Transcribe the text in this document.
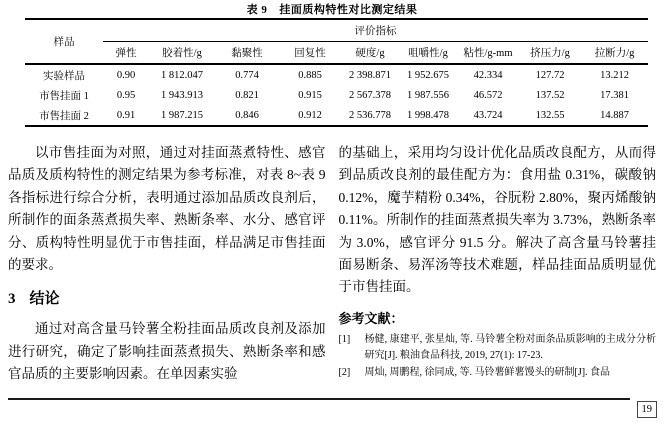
表 9 挂面质构特性对比测定结果
样品	评价指标								
	弹性	胶着性/g	黏聚性	回复性	硬度/g	咀嚼性/g	粘性/g-mm	挤压力/g	拉断力/g
实验样品	0.90	1 812.047	0.774	0.885	2 398.871	1 952.675	42.334	127.72	13.212
市售挂面 1	0.95	1 943.913	0.821	0.915	2 567.378	1 987.556	46.572	137.52	17.381
市售挂面 2	0.91	1 987.215	0.846	0.912	2 536.778	1 998.478	43.724	132.55	14.887

以市售挂面为对照，通过对挂面蒸煮特性、感官品质及质构特性的测定结果为参考标准，对表 8~表 9 各指标进行综合分析，表明通过添加品质改良剂后，所制作的面条蒸煮损失率、熟断条率、水分、感官评分、质构特性明显优于市售挂面，样品满足市售挂面的要求。

3 结论

通过对高含量马铃薯全粉挂面品质改良剂及添加进行研究，确定了影响挂面蒸煮损失、熟断条率和感官品质的主要影响因素。在单因素实验

的基础上，采用均匀设计优化品质改良配方，从而得到品质改良剂的最佳配方为：食用盐 0.31%，碳酸钠 0.12%，魔芋精粉 0.34%，谷朊粉 2.80%，聚丙烯酸钠 0.11%。所制作的挂面蒸煮损失率为 3.73%，熟断条率为 3.0%，感官评分 91.5 分。解决了高含量马铃薯挂面易断条、易浑汤等技术难题，样品挂面品质明显优于市售挂面。

参考文献：
[1]	杨健, 康建平, 张星灿, 等. 马铃薯全粉对面条品质影响的主成分分析研究[J]. 粮油食品科技, 2019, 27(1): 17-23.
[2]	周灿, 周鹏程, 徐同成, 等. 马铃薯鲜薯馒头的研制[J]. 食品
19
